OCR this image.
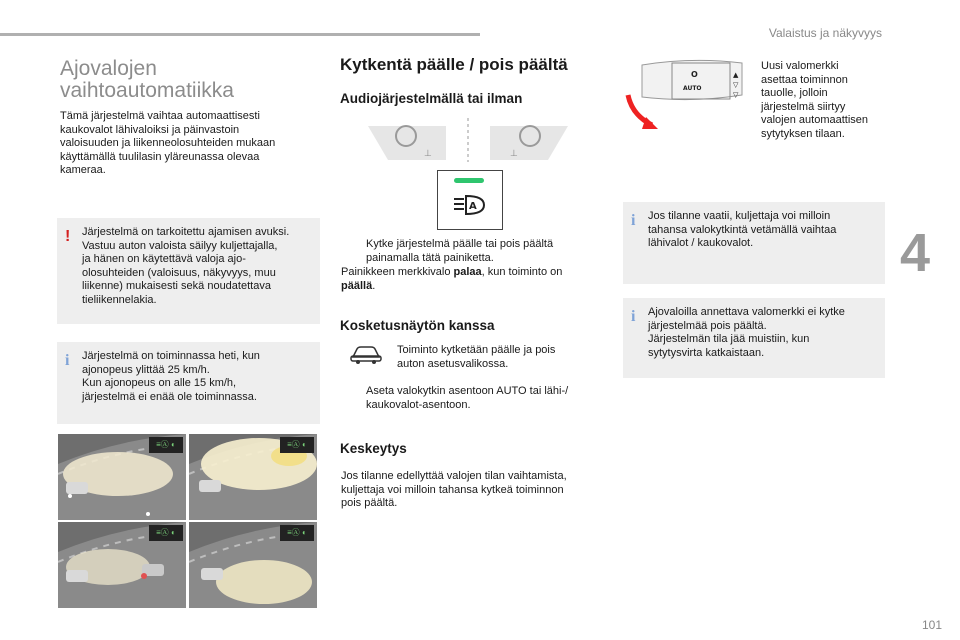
Valaistus ja näkyvyys
4
101
Ajovalojen
vaihtoautomatiikka
Tämä järjestelmä vaihtaa automaattisesti
kaukovalot lähivaloiksi ja päinvastoin
valoisuuden ja liikenneolosuhteiden mukaan
käyttämällä tuulilasin yläreunassa olevaa
kameraa.
! Järjestelmä on tarkoitettu ajamisen avuksi.
Vastuu auton valoista säilyy kuljettajalla,
ja hänen on käytettävä valoja ajo-
olosuhteiden (valoisuus, näkyvyys, muu
liikenne) mukaisesti sekä noudatettava
tieliikennelakia.
i Järjestelmä on toiminnassa heti, kun
ajonopeus ylittää 25 km/h.
Kun ajonopeus on alle 15 km/h,
järjestelmä ei enää ole toiminnassa.
≡Ⓐ ◐	≡Ⓐ ◐
≡Ⓐ ◐	≡Ⓐ ◐
Kytkentä päälle / pois päältä
Audiojärjestelmällä tai ilman
⊥	⊥
A
Kytke järjestelmä päälle tai pois päältä
painamalla tätä painiketta.
Painikkeen merkkivalo palaa, kun toiminto on
päällä.
Kosketusnäytön kanssa
Toiminto kytketään päälle ja pois
auton asetusvalikossa.
Aseta valokytkin asentoon AUTO tai lähi-/
kaukovalot-asentoon.
Keskeytys
Jos tilanne edellyttää valojen tilan vaihtamista,
kuljettaja voi milloin tahansa kytkeä toiminnon
pois päältä.
O
AUTO
▲
▽
▽
Uusi valomerkki
asettaa toiminnon
tauolle, jolloin
järjestelmä siirtyy
valojen automaattisen
sytytyksen tilaan.
i Jos tilanne vaatii, kuljettaja voi milloin
tahansa valokytkintä vetämällä vaihtaa
lähivalot / kaukovalot.
i Ajovaloilla annettava valomerkki ei kytke
järjestelmää pois päältä.
Järjestelmän tila jää muistiin, kun
sytytysvirta katkaistaan.
